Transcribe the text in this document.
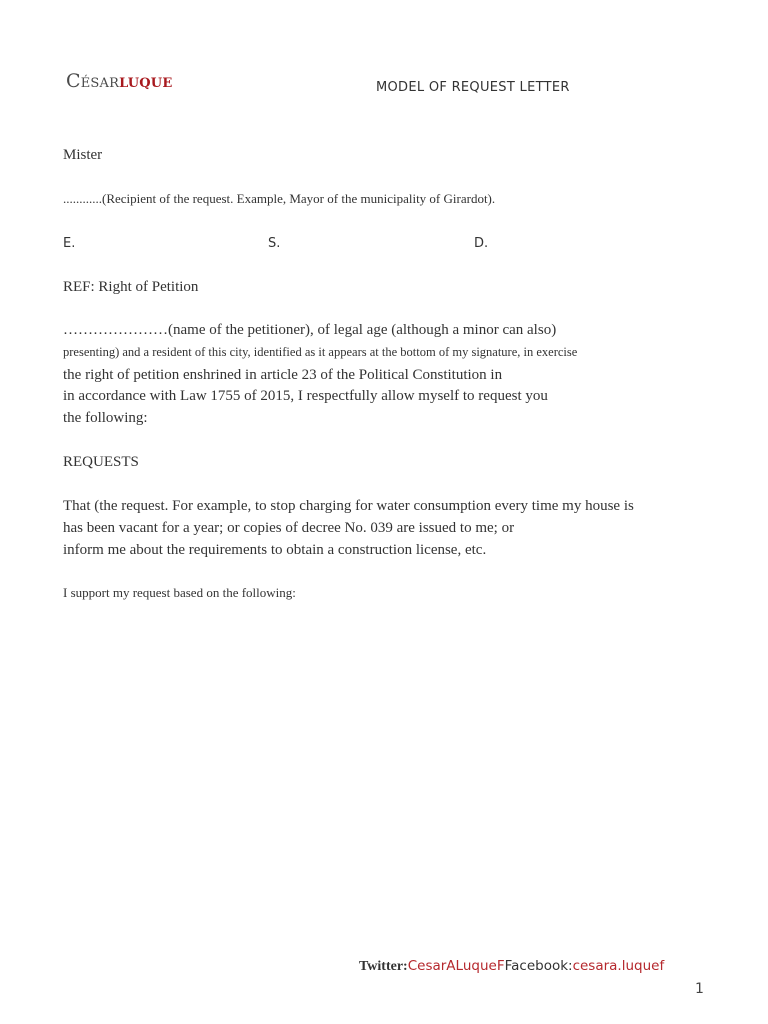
Césarluque	MODEL OF REQUEST LETTER
Mister
............(Recipient of the request. Example, Mayor of the municipality of Girardot).
E.	S.	D.
REF: Right of Petition
…………………(name of the petitioner), of legal age (although a minor can also)
presenting) and a resident of this city, identified as it appears at the bottom of my signature, in exercise
the right of petition enshrined in article 23 of the Political Constitution in
in accordance with Law 1755 of 2015, I respectfully allow myself to request you
the following:
REQUESTS
That (the request. For example, to stop charging for water consumption every time my house is
has been vacant for a year; or copies of decree No. 039 are issued to me; or
inform me about the requirements to obtain a construction license, etc.
I support my request based on the following:
Twitter:CesarALuqueFFacebook:cesara.luquef
1
